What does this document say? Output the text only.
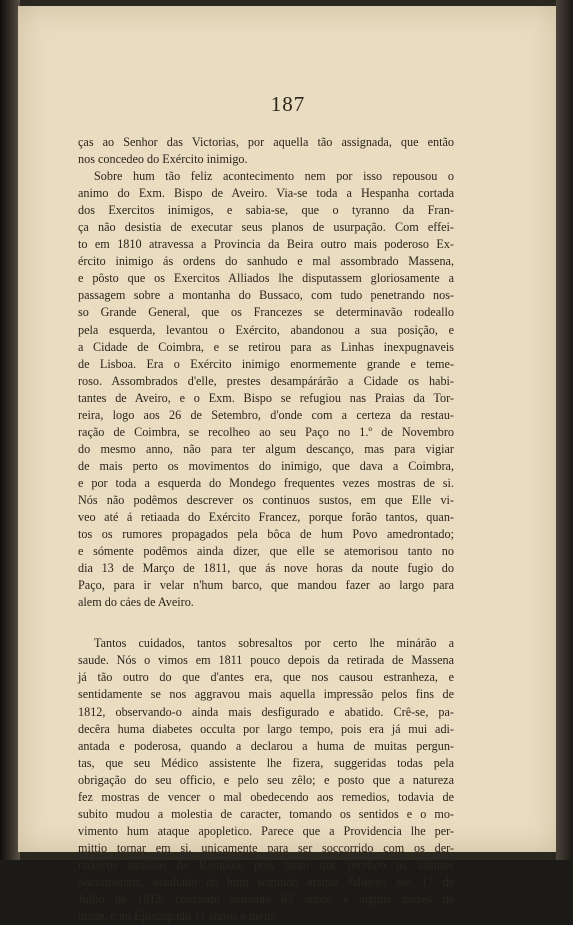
187

ças ao Senhor das Victorias, por aquella tão assignada, que então
nos concedeo do Exército inimigo.

Sobre hum tão feliz acontecimento nem por isso repousou o
animo do Exm. Bispo de Aveiro. Via-se toda a Hespanha cortada
dos Exercitos inimigos, e sabia-se, que o tyranno da Fran-
ça não desistia de executar seus planos de usurpação. Com effei-
to em 1810 atravessa a Provincia da Beira outro mais poderoso Ex-
ército inimigo ás ordens do sanhudo e mal assombrado Massena,
e pôsto que os Exercitos Alliados lhe disputassem gloriosamente a
passagem sobre a montanha do Bussaco, com tudo penetrando nos-
so Grande General, que os Francezes se determinavão rodeallo
pela esquerda, levantou o Exército, abandonou a sua posição, e
a Cidade de Coimbra, e se retirou para as Linhas inexpugnaveis
de Lisboa. Era o Exército inimigo enormemente grande e teme-
roso. Assombrados d'elle, prestes desampárárão a Cidade os habi-
tantes de Aveiro, e o Exm. Bispo se refugiou nas Praias da Tor-
reira, logo aos 26 de Setembro, d'onde com a certeza da restau-
ração de Coimbra, se recolheo ao seu Paço no 1.º de Novembro
do mesmo anno, não para ter algum descanço, mas para vigiar
de mais perto os movimentos do inimigo, que dava a Coimbra,
e por toda a esquerda do Mondego frequentes vezes mostras de si.
Nós não podêmos descrever os continuos sustos, em que Elle vi-
veo até á retiaada do Exército Francez, porque forão tantos, quan-
tos os rumores propagados pela bôca de hum Povo amedrontado;
e sómente podêmos ainda dizer, que elle se atemorisou tanto no
dia 13 de Março de 1811, que ás nove horas da noute fugio do
Paço, para ir velar n'hum barco, que mandou fazer ao largo para
alem do cáes de Aveiro.

Tantos cuidados, tantos sobresaltos por certo lhe minárão a
saude. Nós o vimos em 1811 pouco depois da retirada de Massena
já tão outro do que d'antes era, que nos causou estranheza, e
sentidamente se nos aggravou mais aquella impressão pelos fins de
1812, observando-o ainda mais desfigurado e abatido. Crê-se, pa-
decêra huma diabetes occulta por largo tempo, pois era já mui adi-
antada e poderosa, quando a declarou a huma de muitas pergun-
tas, que seu Médico assistente lhe fizera, suggeridas todas pela
obrigação do seu officio, e pelo seu zêlo; e posto que a natureza
fez mostras de vencer o mal obedecendo aos remedios, todavia de
subito mudou a molestia de caracter, tomando os sentidos e o mo-
vimento hum ataque apopletico. Parece que a Providencia lhe per-
mittio tornar em si, unicamente para ser soccorrido com os der-
radeiros auxilios da Religião; pois tanto que recebeo os ultimos
Sacramentos, assaltado de hum segundo ataque falleceo aos 17 de
Julho de 1813, contando sómente 63 annos e alguns mezes de
idade, e no Episcopado 11 annos e meio.
